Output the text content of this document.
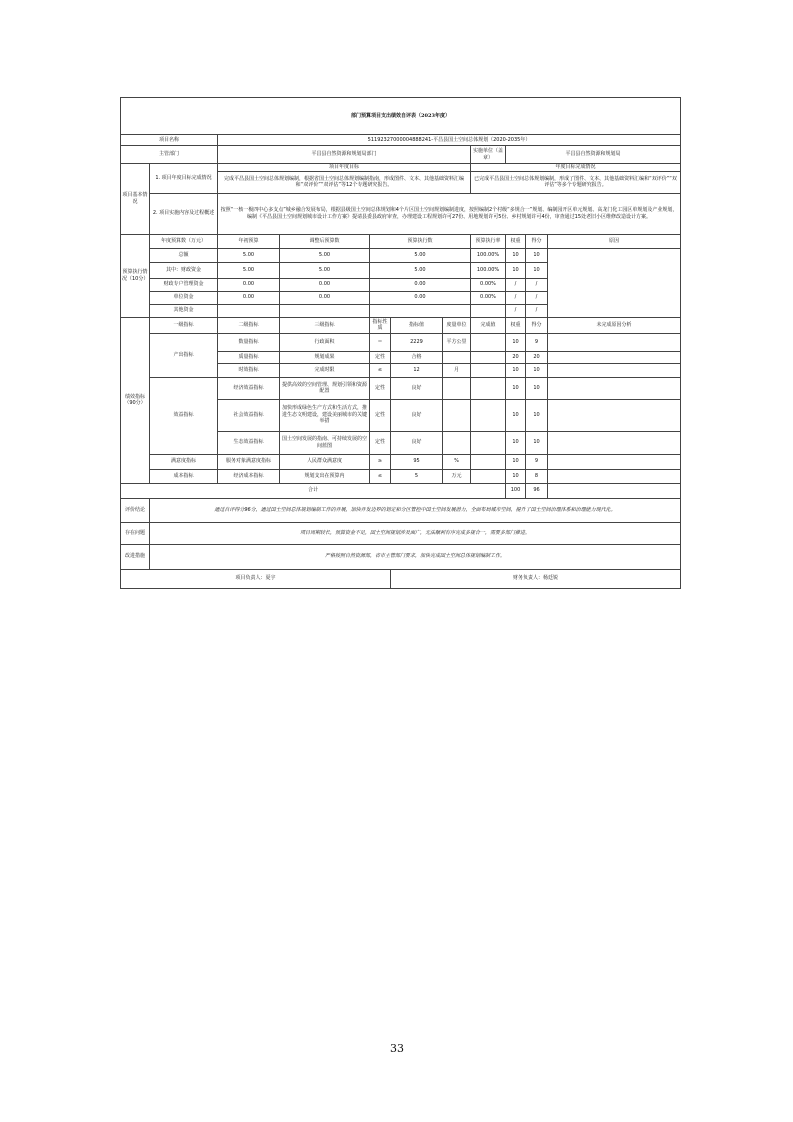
部门预算项目支出绩效自评表（2023年度）										
项目名称		51192327000004888241-平昌县国土空间总体规划（2020-2035年）								
主管部门		平昌县自然资源和规划局部门					实施单位（盖章）	平昌县自然资源和规划局		
项目基本情况	1. 项目年度目标完成情况	项目年度目标					年度目标完成情况			
		完成平昌县国土空间总体规划编制，根据省国土空间总体规划编制指南，形成图件、文本、其他基础资料汇编和“双评价”“双评估”等12个专题研究报告。					已完成平昌县国土空间总体规划编制，形成了图件、文本、其他基础资料汇编和“双评价”“双评估”等多个专题研究报告。			
	2. 项目实施内容及过程概述	按照“一核一极四中心多支点”城乡融合发展布局，根据县级国土空间总体规划和4个片区国土空间规划编制进度，按照编制2个村级“多规合一”规划、编制园开区单元规划、高龙门化工园区单规划及产业规划，编制《平昌县国土空间规划城市设计工作方案》提请县委县政府审查，办理建设工程规划许可27份、用地规划许可5份、乡村规划许可4份，审查通过15处老旧小区维修改造设计方案。								
预算执行情况（10分）	年度预算数（万元）	年初预算	调整后预算数	预算执行数			预算执行率	权重	得分	原因
	总额	5.00	5.00	5.00			100.00%	10	10	
	其中：财政资金	5.00	5.00	5.00			100.00%	10	10	
	财政专户管理资金	0.00	0.00	0.00			0.00%	/	/	
	单位资金	0.00	0.00	0.00			0.00%	/	/	
	其他资金							/	/	
绩效指标（90分）	一级指标	二级指标	三级指标	指标性质	指标值	度量单位	完成值	权重	得分	未完成原因分析
	产出指标	数量指标	行政面积	＝	2229	平方公里		10	9	
		质量指标	规划成果	定性	合格			20	20	
		时效指标	完成时限	≤	12	月		10	10	
	效益指标	经济效益指标	提供高效的空间管理、规划引领和资源配置	定性	良好			10	10	
		社会效益指标	加快形成绿色生产方式和生活方式，推进生态文明建设，建设美丽城市的关键举措	定性	良好			10	10	
		生态效益指标	国土空间发展的指南、可持续发展的空间蓝图	定性	良好			10	10	
	满意度指标	服务对象满意度指标	人民群众满意度	≥	95	%		10	9	
	成本指标	经济成本指标	规划支出在预算内	≤	5	万元		10	8	
合计								100	96	
评价结论	通过自评得分96分，通过国土空间总体规划编制工作的开展，加快开发边界的划定和分区管控中国土空间发展潜力，全面布局城市空间，提升了国土空间治理体系和治理能力现代化。									
存在问题	项目周期较长，预算资金不足，国土空间规划涉及面广，无法顺利有序完成多规合一，需要多部门推进。									
改进措施	严格按照自然资源部，省市主管部门要求，加快完成国土空间总体规划编制工作。									
项目负责人：夏宇					财务负责人：杨廷锐					
33
